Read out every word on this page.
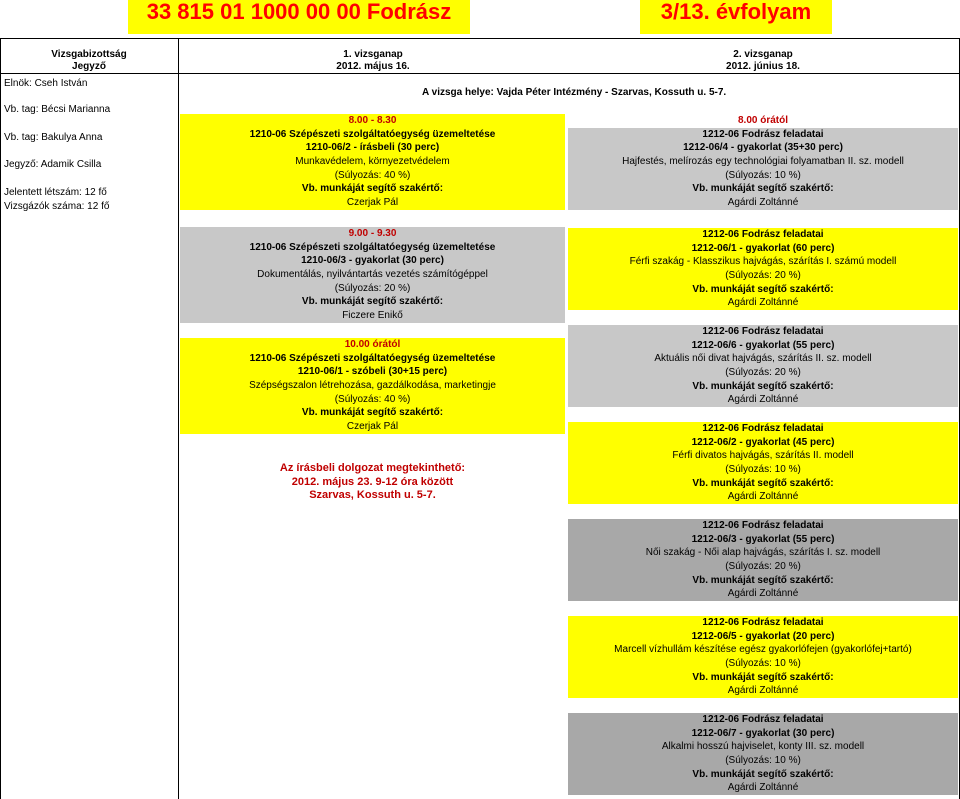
33 815 01 1000 00 00 Fodrász	3/13. évfolyam
Vizsgabizottság
Jegyző
1. vizsganap
2012. május 16.
2. vizsganap
2012. június 18.
A vizsga helye: Vajda Péter Intézmény - Szarvas, Kossuth u. 5-7.
Elnök: Cseh István
Vb. tag: Bécsi Marianna
Vb. tag: Bakulya Anna
Jegyző: Adamik Csilla
Jelentett létszám: 12 fő
Vizsgázók száma: 12 fő
8.00 - 8.30
1210-06 Szépészeti szolgáltatóegység üzemeltetése
1210-06/2 - írásbeli (30 perc)
Munkavédelem, környezetvédelem
(Súlyozás: 40 %)
Vb. munkáját segítő szakértő:
Czerjak Pál
9.00 - 9.30
1210-06 Szépészeti szolgáltatóegység üzemeltetése
1210-06/3 - gyakorlat (30 perc)
Dokumentálás, nyilvántartás vezetés számítógéppel
(Súlyozás: 20 %)
Vb. munkáját segítő szakértő:
Ficzere Enikő
10.00 órától
1210-06 Szépészeti szolgáltatóegység üzemeltetése
1210-06/1 - szóbeli (30+15 perc)
Szépségszalon létrehozása, gazdálkodása, marketingje
(Súlyozás: 40 %)
Vb. munkáját segítő szakértő:
Czerjak Pál
Az írásbeli dolgozat megtekinthető:
2012. május 23. 9-12 óra között
Szarvas, Kossuth u. 5-7.
8.00 órától
1212-06 Fodrász feladatai
1212-06/4 - gyakorlat (35+30 perc)
Hajfestés, melírozás egy technológiai folyamatban II. sz. modell
(Súlyozás: 10 %)
Vb. munkáját segítő szakértő:
Agárdi Zoltánné
1212-06 Fodrász feladatai
1212-06/1 - gyakorlat (60 perc)
Férfi szakág - Klasszikus hajvágás, szárítás I. számú modell
(Súlyozás: 20 %)
Vb. munkáját segítő szakértő:
Agárdi Zoltánné
1212-06 Fodrász feladatai
1212-06/6 - gyakorlat (55 perc)
Aktuális női divat hajvágás, szárítás II. sz. modell
(Súlyozás: 20 %)
Vb. munkáját segítő szakértő:
Agárdi Zoltánné
1212-06 Fodrász feladatai
1212-06/2 - gyakorlat (45 perc)
Férfi divatos hajvágás, szárítás II. modell
(Súlyozás: 10 %)
Vb. munkáját segítő szakértő:
Agárdi Zoltánné
1212-06 Fodrász feladatai
1212-06/3 - gyakorlat (55 perc)
Női szakág - Női alap hajvágás, szárítás I. sz. modell
(Súlyozás: 20 %)
Vb. munkáját segítő szakértő:
Agárdi Zoltánné
1212-06 Fodrász feladatai
1212-06/5 - gyakorlat (20 perc)
Marcell vízhullám készítése egész gyakorlófejen (gyakorlófej+tartó)
(Súlyozás: 10 %)
Vb. munkáját segítő szakértő:
Agárdi Zoltánné
1212-06 Fodrász feladatai
1212-06/7 - gyakorlat (30 perc)
Alkalmi hosszú hajviselet, konty III. sz. modell
(Súlyozás: 10 %)
Vb. munkáját segítő szakértő:
Agárdi Zoltánné
